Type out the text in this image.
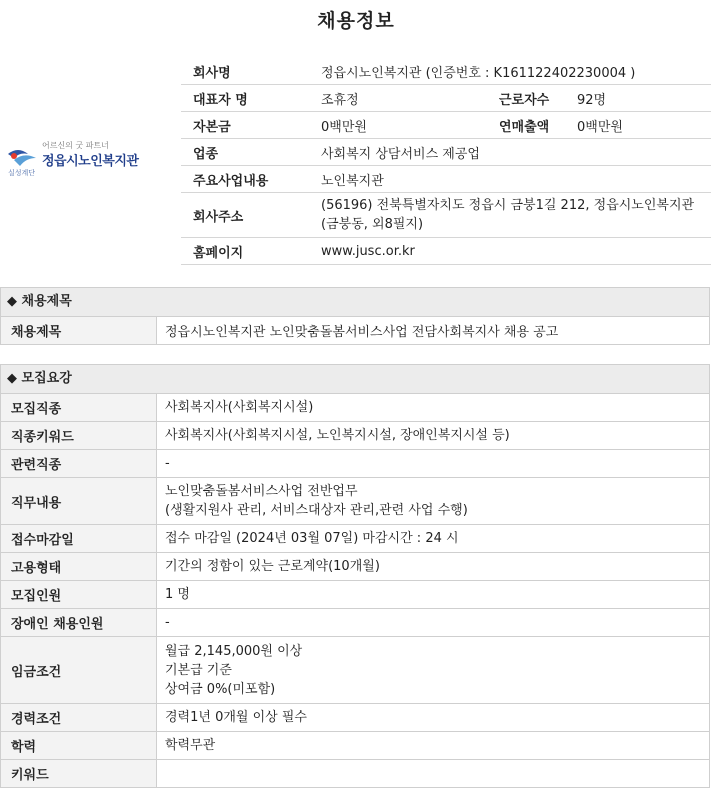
채용정보
어르신의 굿 파트너
정읍시노인복지관
실성계단
회사명	정읍시노인복지관 (인증번호 : K161122402230004 )		
대표자 명	조휴정	근로자수	92명
자본금	0백만원	연매출액	0백만원
업종	사회복지 상담서비스 제공업		
주요사업내용	노인복지관		
회사주소	(56196) 전북특별자치도 정읍시 금붕1길 212, 정읍시노인복지관 (금붕동, 외8필지)		
홈페이지	www.jusc.or.kr		
◆ 채용제목
채용제목	정읍시노인복지관 노인맞춤돌봄서비스사업 전담사회복지사 채용 공고
◆ 모집요강
모집직종	사회복지사(사회복지시설)

직종키워드	사회복지사(사회복지시설, 노인복지시설, 장애인복지시설 등)

관련직종	-

직무내용	노인맞춤돌봄서비스사업 전반업무
(생활지원사 관리, 서비스대상자 관리,관련 사업 수행)

접수마감일	접수 마감일 (2024년 03월 07일) 마감시간 : 24 시

고용형태	기간의 정함이 있는 근로계약(10개월)

모집인원	1 명

장애인 채용인원	-

임금조건	월급 2,145,000원 이상
기본급 기준
상여금 0%(미포함)

경력조건	경력1년 0개월 이상 필수

학력	학력무관

키워드	
